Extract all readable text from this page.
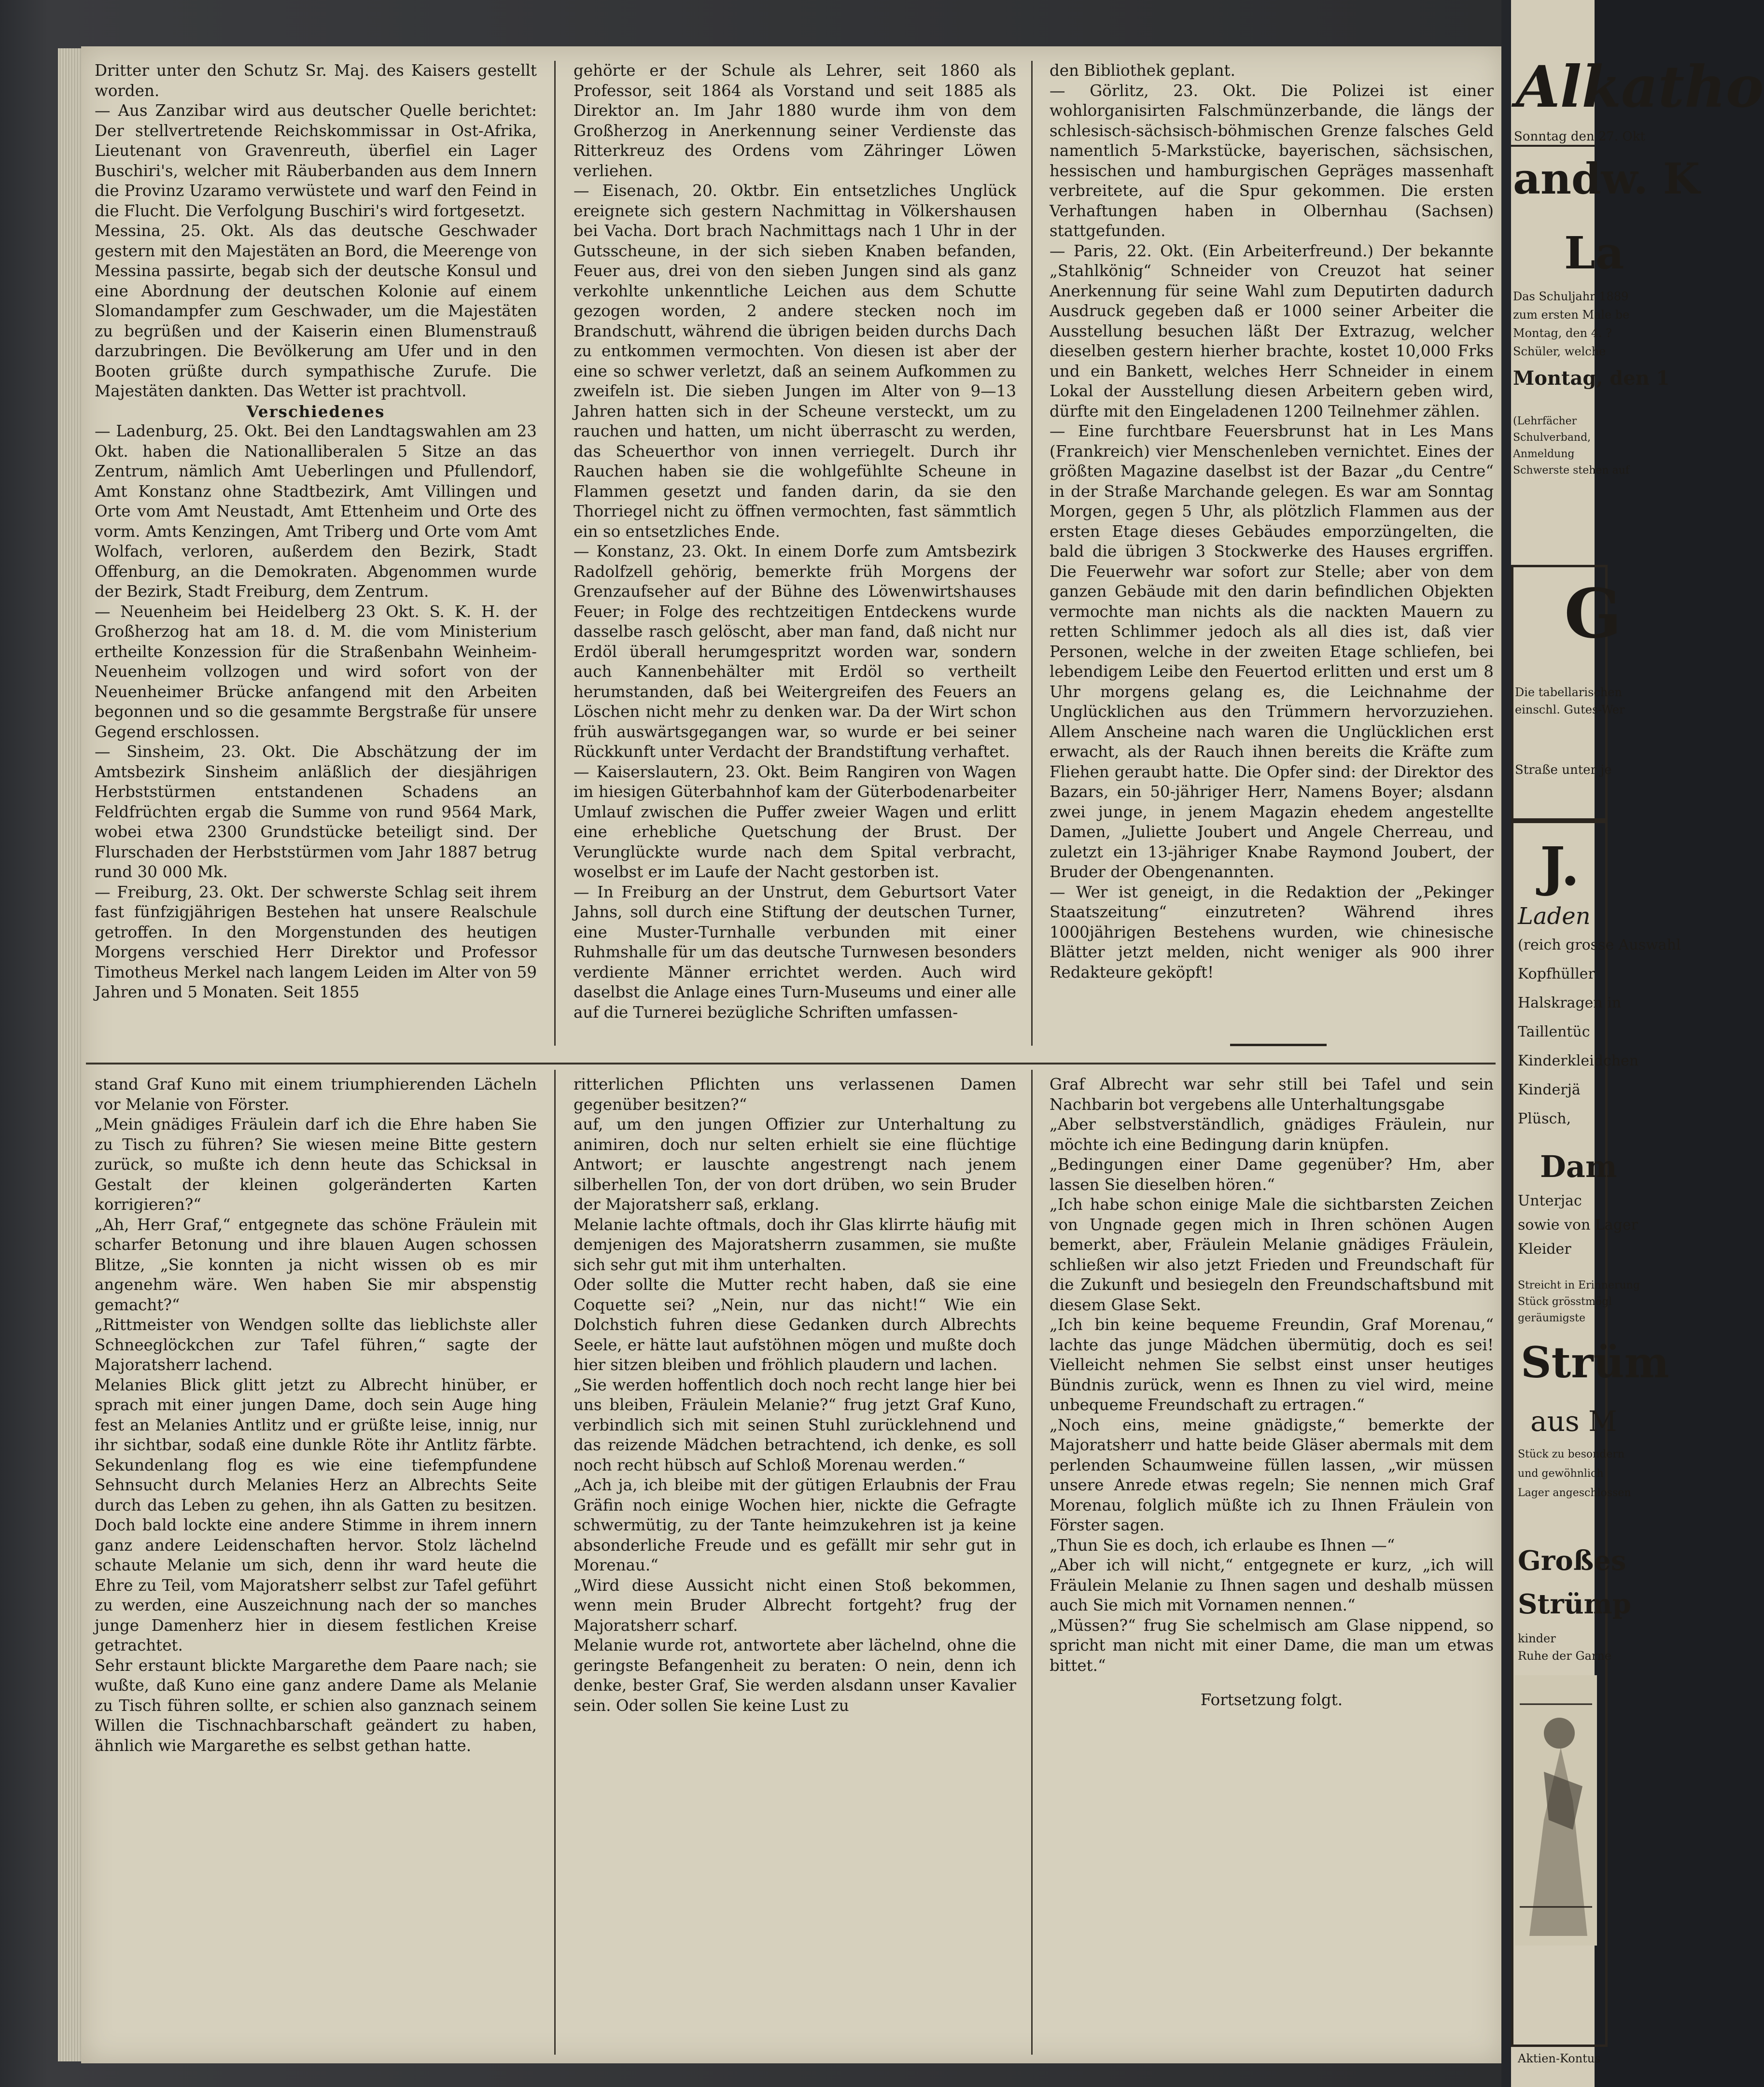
Dritter unter den Schutz Sr. Maj. des Kaisers gestellt worden.

— Aus Zanzibar wird aus deutscher Quelle berichtet: Der stellvertretende Reichskommissar in Ost-Afrika, Lieutenant von Gravenreuth, überfiel ein Lager Buschiri's, welcher mit Räuberbanden aus dem Innern die Provinz Uzaramo verwüstete und warf den Feind in die Flucht. Die Verfolgung Buschiri's wird fortgesetzt.

Messina, 25. Okt. Als das deutsche Geschwader gestern mit den Majestäten an Bord, die Meerenge von Messina passirte, begab sich der deutsche Konsul und eine Abordnung der deutschen Kolonie auf einem Slomandampfer zum Geschwader, um die Majestäten zu begrüßen und der Kaiserin einen Blumenstrauß darzubringen. Die Bevölkerung am Ufer und in den Booten grüßte durch sympathische Zurufe. Die Majestäten dankten. Das Wetter ist prachtvoll.

Verschiedenes

— Ladenburg, 25. Okt. Bei den Landtagswahlen am 23 Okt. haben die Nationalliberalen 5 Sitze an das Zentrum, nämlich Amt Ueberlingen und Pfullendorf, Amt Konstanz ohne Stadtbezirk, Amt Villingen und Orte vom Amt Neustadt, Amt Ettenheim und Orte des vorm. Amts Kenzingen, Amt Triberg und Orte vom Amt Wolfach, verloren, außerdem den Bezirk, Stadt Offenburg, an die Demokraten. Abgenommen wurde der Bezirk, Stadt Freiburg, dem Zentrum.

— Neuenheim bei Heidelberg 23 Okt. S. K. H. der Großherzog hat am 18. d. M. die vom Ministerium ertheilte Konzession für die Straßenbahn Weinheim-Neuenheim vollzogen und wird sofort von der Neuenheimer Brücke anfangend mit den Arbeiten begonnen und so die gesammte Bergstraße für unsere Gegend erschlossen.

— Sinsheim, 23. Okt. Die Abschätzung der im Amtsbezirk Sinsheim anläßlich der diesjährigen Herbststürmen entstandenen Schadens an Feldfrüchten ergab die Summe von rund 9564 Mark, wobei etwa 2300 Grundstücke beteiligt sind. Der Flurschaden der Herbststürmen vom Jahr 1887 betrug rund 30 000 Mk.

— Freiburg, 23. Okt. Der schwerste Schlag seit ihrem fast fünfzigjährigen Bestehen hat unsere Realschule getroffen. In den Morgenstunden des heutigen Morgens verschied Herr Direktor und Professor Timotheus Merkel nach langem Leiden im Alter von 59 Jahren und 5 Monaten. Seit 1855

gehörte er der Schule als Lehrer, seit 1860 als Professor, seit 1864 als Vorstand und seit 1885 als Direktor an. Im Jahr 1880 wurde ihm von dem Großherzog in Anerkennung seiner Verdienste das Ritterkreuz des Ordens vom Zähringer Löwen verliehen.

— Eisenach, 20. Oktbr. Ein entsetzliches Unglück ereignete sich gestern Nachmittag in Völkershausen bei Vacha. Dort brach Nachmittags nach 1 Uhr in der Gutsscheune, in der sich sieben Knaben befanden, Feuer aus, drei von den sieben Jungen sind als ganz verkohlte unkenntliche Leichen aus dem Schutte gezogen worden, 2 andere stecken noch im Brandschutt, während die übrigen beiden durchs Dach zu entkommen vermochten. Von diesen ist aber der eine so schwer verletzt, daß an seinem Aufkommen zu zweifeln ist. Die sieben Jungen im Alter von 9—13 Jahren hatten sich in der Scheune versteckt, um zu rauchen und hatten, um nicht überrascht zu werden, das Scheuerthor von innen verriegelt. Durch ihr Rauchen haben sie die wohlgefühlte Scheune in Flammen gesetzt und fanden darin, da sie den Thorriegel nicht zu öffnen vermochten, fast sämmtlich ein so entsetzliches Ende.

— Konstanz, 23. Okt. In einem Dorfe zum Amtsbezirk Radolfzell gehörig, bemerkte früh Morgens der Grenzaufseher auf der Bühne des Löwenwirtshauses Feuer; in Folge des rechtzeitigen Entdeckens wurde dasselbe rasch gelöscht, aber man fand, daß nicht nur Erdöl überall herumgespritzt worden war, sondern auch Kannenbehälter mit Erdöl so vertheilt herumstanden, daß bei Weitergreifen des Feuers an Löschen nicht mehr zu denken war. Da der Wirt schon früh auswärtsgegangen war, so wurde er bei seiner Rückkunft unter Verdacht der Brandstiftung verhaftet.

— Kaiserslautern, 23. Okt. Beim Rangiren von Wagen im hiesigen Güterbahnhof kam der Güterbodenarbeiter Umlauf zwischen die Puffer zweier Wagen und erlitt eine erhebliche Quetschung der Brust. Der Verunglückte wurde nach dem Spital verbracht, woselbst er im Laufe der Nacht gestorben ist.

— In Freiburg an der Unstrut, dem Geburtsort Vater Jahns, soll durch eine Stiftung der deutschen Turner, eine Muster-Turnhalle verbunden mit einer Ruhmshalle für um das deutsche Turnwesen besonders verdiente Männer errichtet werden. Auch wird daselbst die Anlage eines Turn-Museums und einer alle auf die Turnerei bezügliche Schriften umfassen-

den Bibliothek geplant.

— Görlitz, 23. Okt. Die Polizei ist einer wohlorganisirten Falschmünzerbande, die längs der schlesisch-sächsisch-böhmischen Grenze falsches Geld namentlich 5-Markstücke, bayerischen, sächsischen, hessischen und hamburgischen Gepräges massenhaft verbreitete, auf die Spur gekommen. Die ersten Verhaftungen haben in Olbernhau (Sachsen) stattgefunden.

— Paris, 22. Okt. (Ein Arbeiterfreund.) Der bekannte „Stahlkönig“ Schneider von Creuzot hat seiner Anerkennung für seine Wahl zum Deputirten dadurch Ausdruck gegeben daß er 1000 seiner Arbeiter die Ausstellung besuchen läßt Der Extrazug, welcher dieselben gestern hierher brachte, kostet 10,000 Frks und ein Bankett, welches Herr Schneider in einem Lokal der Ausstellung diesen Arbeitern geben wird, dürfte mit den Eingeladenen 1200 Teilnehmer zählen.

— Eine furchtbare Feuersbrunst hat in Les Mans (Frankreich) vier Menschenleben vernichtet. Eines der größten Magazine daselbst ist der Bazar „du Centre“ in der Straße Marchande gelegen. Es war am Sonntag Morgen, gegen 5 Uhr, als plötzlich Flammen aus der ersten Etage dieses Gebäudes emporzüngelten, die bald die übrigen 3 Stockwerke des Hauses ergriffen. Die Feuerwehr war sofort zur Stelle; aber von dem ganzen Gebäude mit den darin befindlichen Objekten vermochte man nichts als die nackten Mauern zu retten Schlimmer jedoch als all dies ist, daß vier Personen, welche in der zweiten Etage schliefen, bei lebendigem Leibe den Feuertod erlitten und erst um 8 Uhr morgens gelang es, die Leichnahme der Unglücklichen aus den Trümmern hervorzuziehen. Allem Anscheine nach waren die Unglücklichen erst erwacht, als der Rauch ihnen bereits die Kräfte zum Fliehen geraubt hatte. Die Opfer sind: der Direktor des Bazars, ein 50-jähriger Herr, Namens Boyer; alsdann zwei junge, in jenem Magazin ehedem angestellte Damen, „Juliette Joubert und Angele Cherreau, und zuletzt ein 13-jähriger Knabe Raymond Joubert, der Bruder der Obengenannten.

— Wer ist geneigt, in die Redaktion der „Pekinger Staatszeitung“ einzutreten? Während ihres 1000jährigen Bestehens wurden, wie chinesische Blätter jetzt melden, nicht weniger als 900 ihrer Redakteure geköpft!

stand Graf Kuno mit einem triumphierenden Lächeln vor Melanie von Förster.

„Mein gnädiges Fräulein darf ich die Ehre haben Sie zu Tisch zu führen? Sie wiesen meine Bitte gestern zurück, so mußte ich denn heute das Schicksal in Gestalt der kleinen golgeränderten Karten korrigieren?“

„Ah, Herr Graf,“ entgegnete das schöne Fräulein mit scharfer Betonung und ihre blauen Augen schossen Blitze, „Sie konnten ja nicht wissen ob es mir angenehm wäre. Wen haben Sie mir abspenstig gemacht?“

„Rittmeister von Wendgen sollte das lieblichste aller Schneeglöckchen zur Tafel führen,“ sagte der Majoratsherr lachend.

Melanies Blick glitt jetzt zu Albrecht hinüber, er sprach mit einer jungen Dame, doch sein Auge hing fest an Melanies Antlitz und er grüßte leise, innig, nur ihr sichtbar, sodaß eine dunkle Röte ihr Antlitz färbte. Sekundenlang flog es wie eine tiefempfundene Sehnsucht durch Melanies Herz an Albrechts Seite durch das Leben zu gehen, ihn als Gatten zu besitzen. Doch bald lockte eine andere Stimme in ihrem innern ganz andere Leidenschaften hervor. Stolz lächelnd schaute Melanie um sich, denn ihr ward heute die Ehre zu Teil, vom Majoratsherr selbst zur Tafel geführt zu werden, eine Auszeichnung nach der so manches junge Damenherz hier in diesem festlichen Kreise getrachtet.

Sehr erstaunt blickte Margarethe dem Paare nach; sie wußte, daß Kuno eine ganz andere Dame als Melanie zu Tisch führen sollte, er schien also ganznach seinem Willen die Tischnachbarschaft geändert zu haben, ähnlich wie Margarethe es selbst gethan hatte.

ritterlichen Pflichten uns verlassenen Damen gegenüber besitzen?“

auf, um den jungen Offizier zur Unterhaltung zu animiren, doch nur selten erhielt sie eine flüchtige Antwort; er lauschte angestrengt nach jenem silberhellen Ton, der von dort drüben, wo sein Bruder der Majoratsherr saß, erklang.

Melanie lachte oftmals, doch ihr Glas klirrte häufig mit demjenigen des Majoratsherrn zusammen, sie mußte sich sehr gut mit ihm unterhalten.

Oder sollte die Mutter recht haben, daß sie eine Coquette sei? „Nein, nur das nicht!“ Wie ein Dolchstich fuhren diese Gedanken durch Albrechts Seele, er hätte laut aufstöhnen mögen und mußte doch hier sitzen bleiben und fröhlich plaudern und lachen.

„Sie werden hoffentlich doch noch recht lange hier bei uns bleiben, Fräulein Melanie?“ frug jetzt Graf Kuno, verbindlich sich mit seinen Stuhl zurücklehnend und das reizende Mädchen betrachtend, ich denke, es soll noch recht hübsch auf Schloß Morenau werden.“

„Ach ja, ich bleibe mit der gütigen Erlaubnis der Frau Gräfin noch einige Wochen hier, nickte die Gefragte schwermütig, zu der Tante heimzukehren ist ja keine absonderliche Freude und es gefällt mir sehr gut in Morenau.“

„Wird diese Aussicht nicht einen Stoß bekommen, wenn mein Bruder Albrecht fortgeht? frug der Majoratsherr scharf.

Melanie wurde rot, antwortete aber lächelnd, ohne die geringste Befangenheit zu beraten: O nein, denn ich denke, bester Graf, Sie werden alsdann unser Kavalier sein. Oder sollen Sie keine Lust zu

Graf Albrecht war sehr still bei Tafel und sein Nachbarin bot vergebens alle Unterhaltungsgabe

„Aber selbstverständlich, gnädiges Fräulein, nur möchte ich eine Bedingung darin knüpfen.

„Bedingungen einer Dame gegenüber? Hm, aber lassen Sie dieselben hören.“

„Ich habe schon einige Male die sichtbarsten Zeichen von Ungnade gegen mich in Ihren schönen Augen bemerkt, aber, Fräulein Melanie gnädiges Fräulein, schließen wir also jetzt Frieden und Freundschaft für die Zukunft und besiegeln den Freundschaftsbund mit diesem Glase Sekt.

„Ich bin keine bequeme Freundin, Graf Morenau,“ lachte das junge Mädchen übermütig, doch es sei! Vielleicht nehmen Sie selbst einst unser heutiges Bündnis zurück, wenn es Ihnen zu viel wird, meine unbequeme Freundschaft zu ertragen.“

„Noch eins, meine gnädigste,“ bemerkte der Majoratsherr und hatte beide Gläser abermals mit dem perlenden Schaumweine füllen lassen, „wir müssen unsere Anrede etwas regeln; Sie nennen mich Graf Morenau, folglich müßte ich zu Ihnen Fräulein von Förster sagen.

„Thun Sie es doch, ich erlaube es Ihnen —“

„Aber ich will nicht,“ entgegnete er kurz, „ich will Fräulein Melanie zu Ihnen sagen und deshalb müssen auch Sie mich mit Vornamen nennen.“

„Müssen?“ frug Sie schelmisch am Glase nippend, so spricht man nicht mit einer Dame, die man um etwas bittet.“

Fortsetzung folgt.

Alkatho
Sonntag den 27. Okt
andw. K
La
Das Schuljahr 1889
zum ersten Male be
Montag, den 4. ?
Schüler, welche
Montag, den 1
(Lehrfächer
Schulverband,
Anmeldung
Schwerste stehen auf
G
Die tabellarischen
einschl. Gutes-Wer
Straße unter je
J.
Laden
(reich grosse Auswahl
Kopfhüller
Halskragen in
Taillentüc
Kinderkleidchen
Kinderjä
Plüsch,
Dam
Unterjac
sowie von Lager
Kleider
Streicht in Erinnerung
Stück grösstmögl
geräumigste
Strüm
aus M
Stück zu besondern
und gewöhnlich
Lager angeschlossen
Großes
Strümp
kinder
Ruhe der Garne
Aktien-Kontus
